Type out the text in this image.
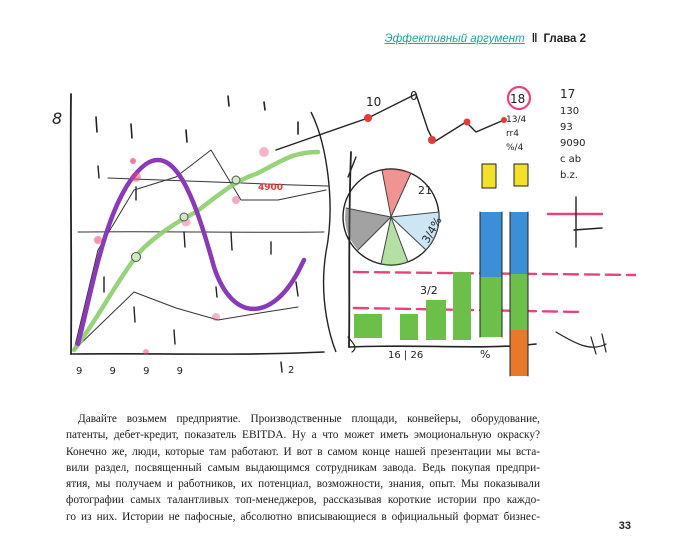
Эффективный аргумент ‖ Глава 2
4900
8
9 9 9 9	2
10 0
21
3/4%
3/2
16 | 26	%
18
13/4
rr4
%/4
17
130
93
9090
c ab
b.z.

Давайте возьмем предприятие. Производственные площади, конвейеры, оборудование,
патенты, дебет-кредит, показатель EBITDA. Ну а что может иметь эмоциональную окраску?
Конечно же, люди, которые там работают. И вот в самом конце нашей презентации мы вста-
вили раздел, посвященный самым выдающимся сотрудникам завода. Ведь покупая предпри-
ятия, мы получаем и работников, их потенциал, возможности, знания, опыт. Мы показывали
фотографии самых талантливых топ-менеджеров, рассказывая короткие истории про каждо-
го из них. Истории не пафосные, абсолютно вписывающиеся в официальный формат бизнес-

33
